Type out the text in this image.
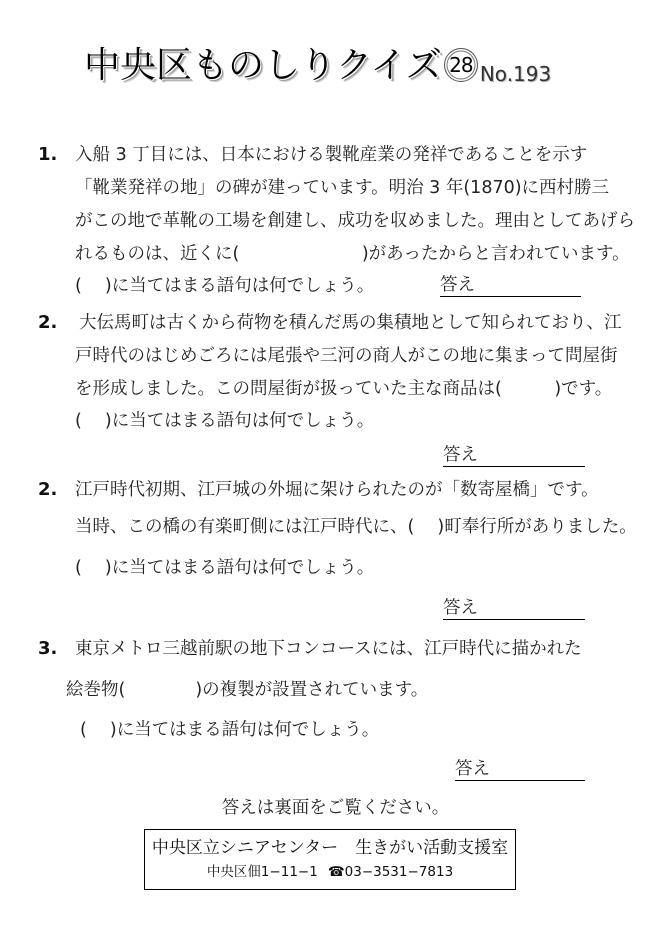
中央区ものしりクイズ 28 No.193
1. 入船 3 丁目には、日本における製靴産業の発祥であることを示す
「靴業発祥の地」の碑が建っています。明治 3 年(1870)に西村勝三
がこの地で革靴の工場を創建し、成功を収めました。理由としてあげら
れるものは、近くに(　　　　　　　)があったからと言われています。
(　 )に当てはまる語句は何でしょう。	答え
2. 大伝馬町は古くから荷物を積んだ馬の集積地として知られており、江
戸時代のはじめごろには尾張や三河の商人がこの地に集まって問屋街
を形成しました。この問屋街が扱っていた主な商品は(　　　)です。
(　 )に当てはまる語句は何でしょう。
答え
2. 江戸時代初期、江戸城の外堀に架けられたのが「数寄屋橋」です。
当時、この橋の有楽町側には江戸時代に、(　 )町奉行所がありました。
(　 )に当てはまる語句は何でしょう。
答え
3. 東京メトロ三越前駅の地下コンコースには、江戸時代に描かれた
絵巻物(　　　　)の複製が設置されています。
(　 )に当てはまる語句は何でしょう。
答え
答えは裏面をご覧ください。
中央区立シニアセンター　生きがい活動支援室
中央区佃1−11−1 ☎03−3531−7813
